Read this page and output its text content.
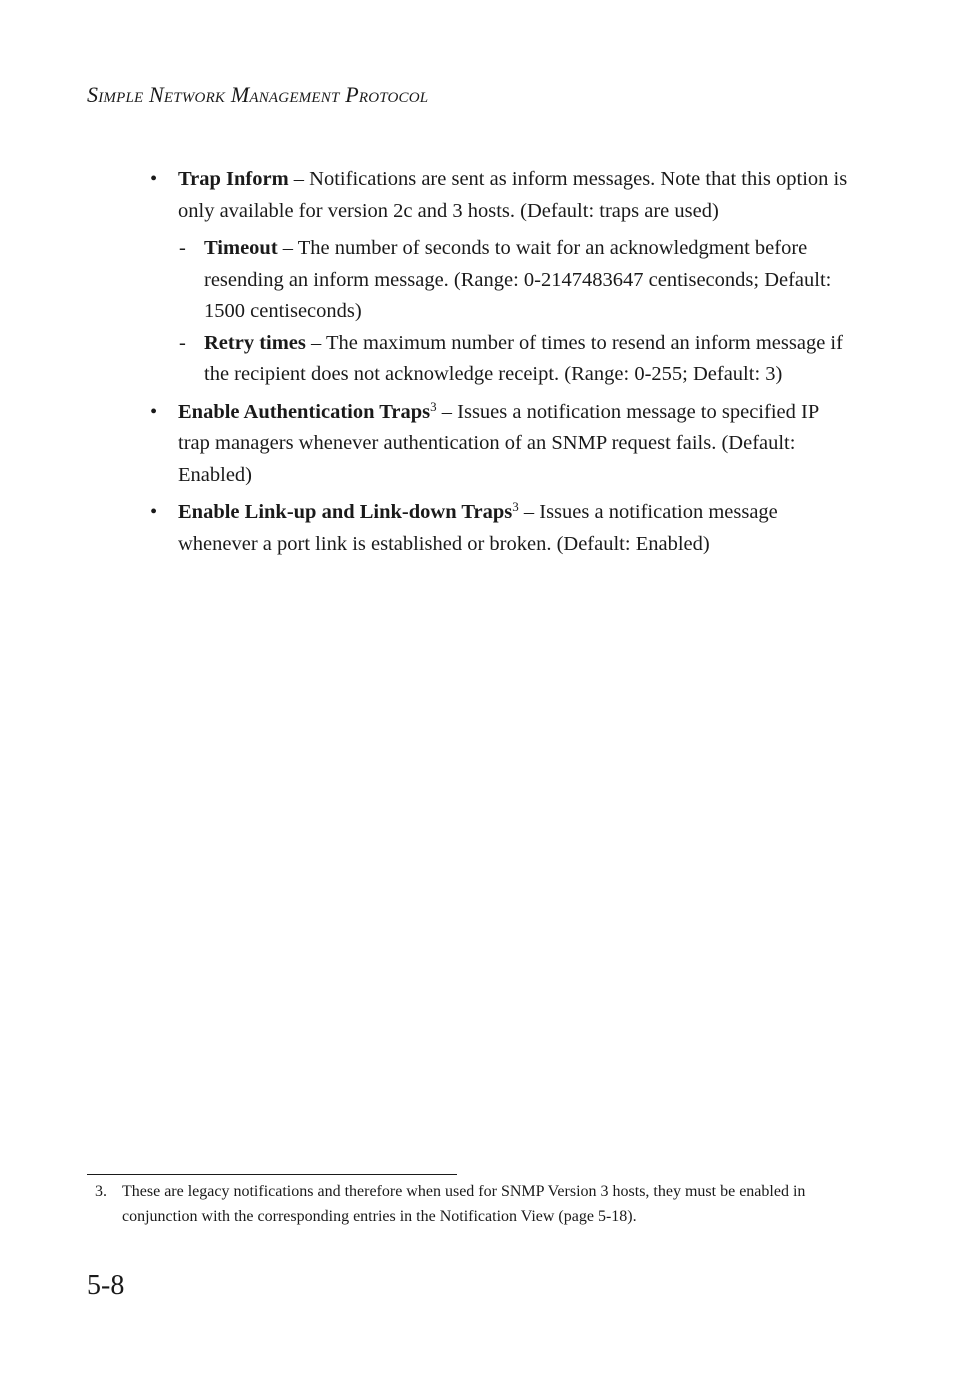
Simple Network Management Protocol
•	Trap Inform – Notifications are sent as inform messages. Note that this option is only available for version 2c and 3 hosts. (Default: traps are used)
- Timeout – The number of seconds to wait for an acknowledgment before resending an inform message. (Range: 0-2147483647 centiseconds; Default: 1500 centiseconds)
- Retry times – The maximum number of times to resend an inform message if the recipient does not acknowledge receipt. (Range: 0-255; Default: 3)
•	Enable Authentication Traps$^3$ – Issues a notification message to specified IP trap managers whenever authentication of an SNMP request fails. (Default: Enabled)
•	Enable Link-up and Link-down Traps$^3$ – Issues a notification message whenever a port link is established or broken. (Default: Enabled)
3. These are legacy notifications and therefore when used for SNMP Version 3 hosts, they must be enabled in conjunction with the corresponding entries in the Notification View (page 5-18).
5-8
